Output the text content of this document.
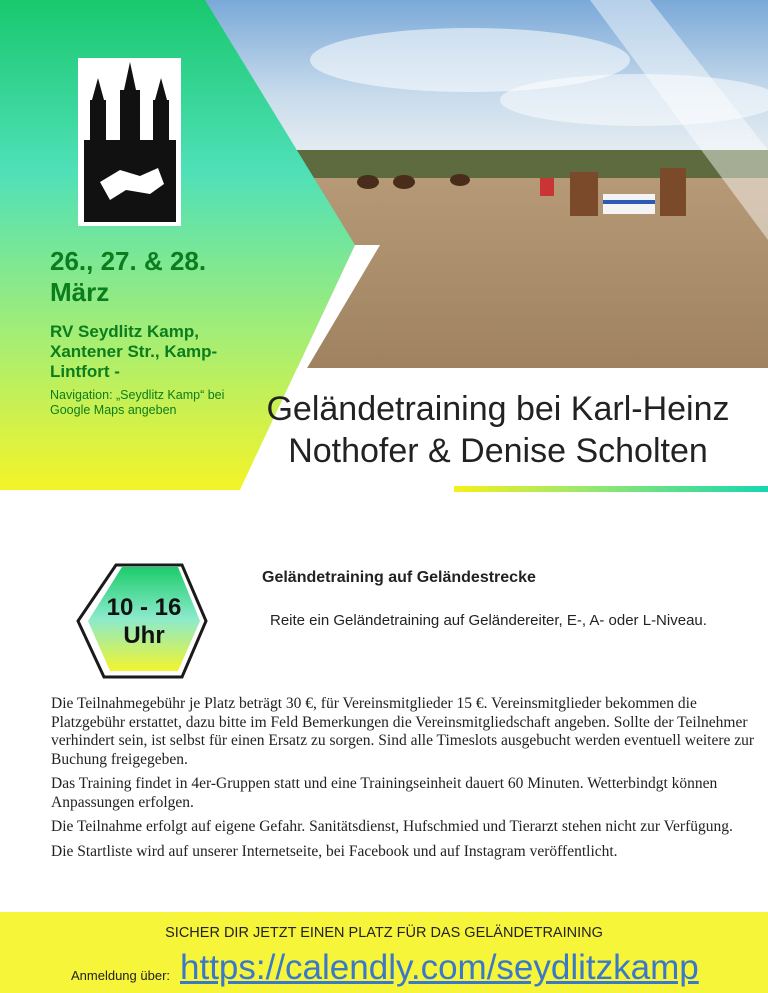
26., 27. & 28. März
RV Seydlitz Kamp, Xantener Str., Kamp-Lintfort -
Navigation: „Seydlitz Kamp“ bei Google Maps angeben	Geländetraining bei Karl-Heinz Nothofer & Denise Scholten
10 - 16 Uhr
Geländetraining auf Geländestrecke
Reite ein Geländetraining auf Geländereiter, E-, A- oder L-Niveau.

Die Teilnahmegebühr je Platz beträgt 30 €, für Vereinsmitglieder 15 €. Vereinsmitglieder bekommen die Platzgebühr erstattet, dazu bitte im Feld Bemerkungen die Vereinsmitgliedschaft angeben. Sollte der Teilnehmer verhindert sein, ist selbst für einen Ersatz zu sorgen. Sind alle Timeslots ausgebucht werden eventuell weitere zur Buchung freigegeben.

Das Training findet in 4er-Gruppen statt und eine Trainingseinheit dauert 60 Minuten. Wetterbindgt können Anpassungen erfolgen.

Die Teilnahme erfolgt auf eigene Gefahr. Sanitätsdienst, Hufschmied und Tierarzt stehen nicht zur Verfügung.

Die Startliste wird auf unserer Internetseite, bei Facebook und auf Instagram veröffentlicht.

SICHER DIR JETZT EINEN PLATZ FÜR DAS GELÄNDETRAINING
Anmeldung über: https://calendly.com/seydlitzkamp
